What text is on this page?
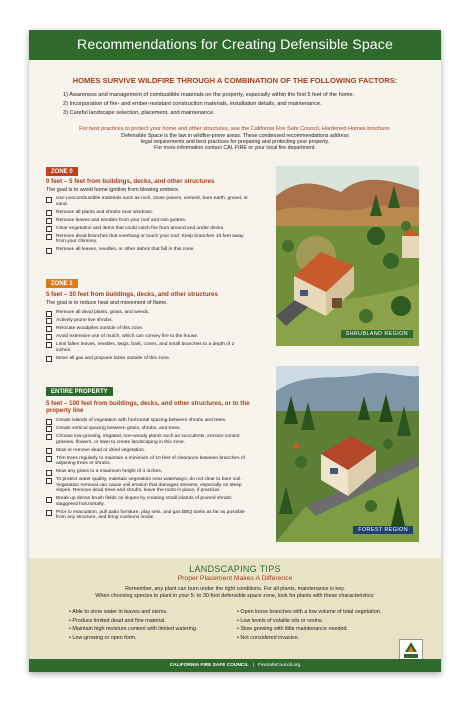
Recommendations for Creating Defensible Space
HOMES SURVIVE WILDFIRE THROUGH A COMBINATION OF THE FOLLOWING FACTORS:
1) Awareness and management of combustible materials on the property, especially within the first 5 feet of the home.
2) Incorporation of fire- and ember-resistant construction materials, installation details, and maintenance.
3) Careful landscape selection, placement, and maintenance.
For best practices to protect your home and other structures, see the California Fire Safe Council, Hardened Homes brochure.
Defensible Space is the law in wildfire-prone areas. These condensed recommendations address
legal requirements and best practices for preparing and protecting your property.
For more information contact CAL FIRE or your local fire department.
ZONE 0
0 feet – 5 feet from buildings, decks, and other structures
The goal is to avoid home ignition from blowing embers.
Use noncombustible materials such as rock, stone pavers, cement, bare earth, gravel, or sand.
Remove all plants and shrubs near windows.
Remove leaves and needles from your roof and rain gutters.
Clear vegetation and items that could catch fire from around and under decks.
Remove dead branches that overhang or touch your roof. Keep branches 10 feet away from your chimney.
Remove all leaves, needles, or other debris that fall in this zone.
ZONE 1
5 feet – 30 feet from buildings, decks, and other structures
The goal is to reduce heat and movement of flame.
Remove all dead plants, grass, and weeds.
Actively prune live shrubs.
Relocate woodpiles outside of this zone.
Avoid extensive use of mulch, which can convey fire to the house.
Limit fallen leaves, needles, twigs, bark, cones, and small branches to a depth of 2 inches.
Move all gas and propane tanks outside of this zone.
ENTIRE PROPERTY
5 feet – 100 feet from buildings, decks, and other structures, or to the property line
Create islands of vegetation with horizontal spacing between shrubs and trees.
Create vertical spacing between grass, shrubs, and trees.
Choose low-growing, irrigated, non-woody plants such as succulents, erosion-control grasses, flowers, or lawn to create landscaping in this zone.
Mow or remove dead or dried vegetation.
Trim trees regularly to maintain a minimum of 10 feet of clearance between branches of adjoining trees or shrubs.
Mow any grass to a maximum height of 4 inches.
To protect water quality, maintain vegetation near waterways; do not clear to bare soil. Vegetation removal can cause soil erosion that damages streams, especially on steep slopes. Remove dead trees and shrubs, leave the roots in place, if practical.
Break up dense brush fields on slopes by creating small islands of pruned shrubs staggered horizontally.
Prior to evacuation, pull patio furniture, play sets, and gas BBQ tanks as far as possible from any structure, and bring cushions inside.
SHRUBLAND REGION
FOREST REGION
LANDSCAPING TIPS
Proper Placement Makes A Difference
Remember, any plant can burn under the right conditions. For all plants, maintenance is key.
When choosing species to plant in your 5- to 30-foot defensible space zone, look for plants with these characteristics:
• Able to store water in leaves and stems.
• Produce limited dead and fine material.
• Maintain high moisture content with limited watering.
• Low-growing or open form.
• Open loose branches with a low volume of total vegetation.
• Low levels of volatile oils or resins.
• Slow growing with little maintenance needed.
• Not considered invasive.
CALIFORNIA FIRE SAFE COUNCIL | FireSafeCouncil.org
